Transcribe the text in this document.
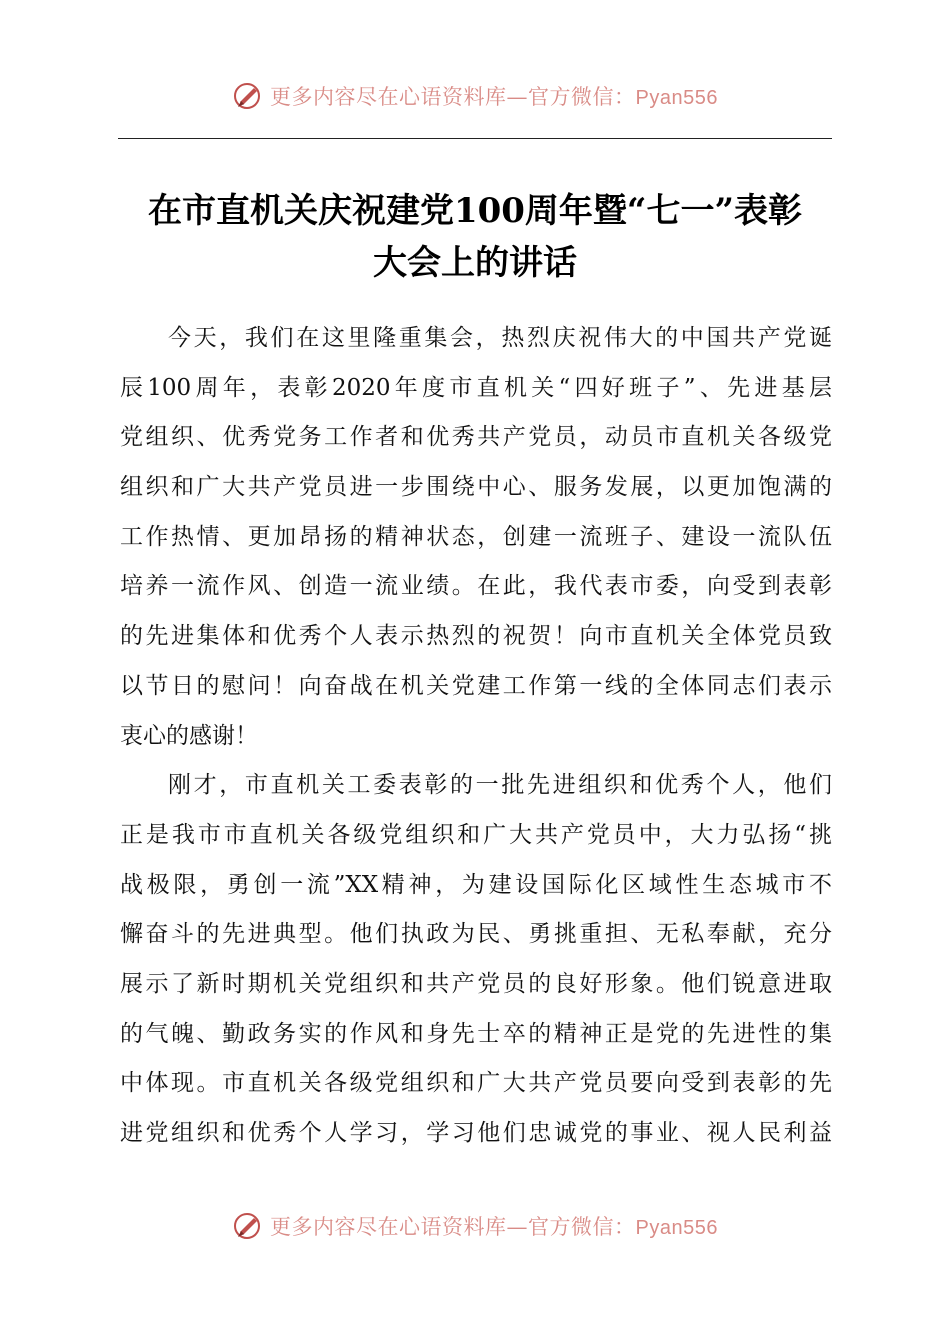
更多内容尽在心语资料库—官方微信：Pyan556
在市直机关庆祝建党100周年暨“七一”表彰
大会上的讲话
今天，我们在这里隆重集会，热烈庆祝伟大的中国共产党诞
辰100周年，表彰2020年度市直机关“四好班子”、先进基层
党组织、优秀党务工作者和优秀共产党员，动员市直机关各级党
组织和广大共产党员进一步围绕中心、服务发展，以更加饱满的
工作热情、更加昂扬的精神状态，创建一流班子、建设一流队伍
培养一流作风、创造一流业绩。在此，我代表市委，向受到表彰
的先进集体和优秀个人表示热烈的祝贺！向市直机关全体党员致
以节日的慰问！向奋战在机关党建工作第一线的全体同志们表示
衷心的感谢！
刚才，市直机关工委表彰的一批先进组织和优秀个人，他们
正是我市市直机关各级党组织和广大共产党员中，大力弘扬“挑
战极限，勇创一流”XX精神，为建设国际化区域性生态城市不
懈奋斗的先进典型。他们执政为民、勇挑重担、无私奉献，充分
展示了新时期机关党组织和共产党员的良好形象。他们锐意进取
的气魄、勤政务实的作风和身先士卒的精神正是党的先进性的集
中体现。市直机关各级党组织和广大共产党员要向受到表彰的先
进党组织和优秀个人学习，学习他们忠诚党的事业、视人民利益
更多内容尽在心语资料库—官方微信：Pyan556
